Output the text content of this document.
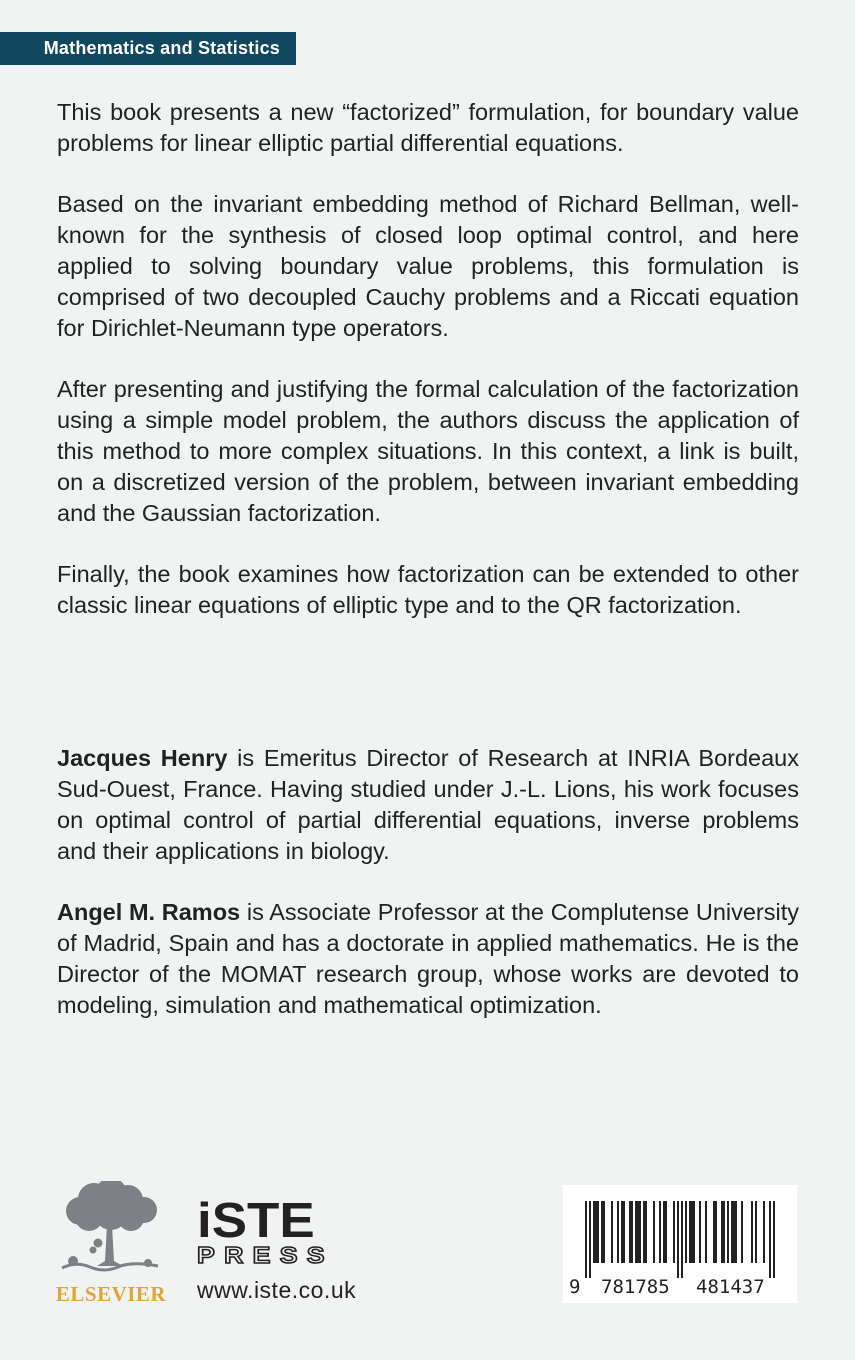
Mathematics and Statistics

This book presents a new “factorized” formulation, for boundary value problems for linear elliptic partial differential equations.

Based on the invariant embedding method of Richard Bellman, well-known for the synthesis of closed loop optimal control, and here applied to solving boundary value problems, this formulation is comprised of two decoupled Cauchy problems and a Riccati equation for Dirichlet-Neumann type operators.

After presenting and justifying the formal calculation of the factorization using a simple model problem, the authors discuss the application of this method to more complex situations. In this context, a link is built, on a discretized version of the problem, between invariant embedding and the Gaussian factorization.

Finally, the book examines how factorization can be extended to other classic linear equations of elliptic type and to the QR factorization.

Jacques Henry is Emeritus Director of Research at INRIA Bordeaux Sud-Ouest, France. Having studied under J.-L. Lions, his work focuses on optimal control of partial differential equations, inverse problems and their applications in biology.

Angel M. Ramos is Associate Professor at the Complutense University of Madrid, Spain and has a doctorate in applied mathematics. He is the Director of the MOMAT research group, whose works are devoted to modeling, simulation and mathematical optimization.

ELSEVIER
iSTE
PRESS
www.iste.co.uk	9 781785 481437
